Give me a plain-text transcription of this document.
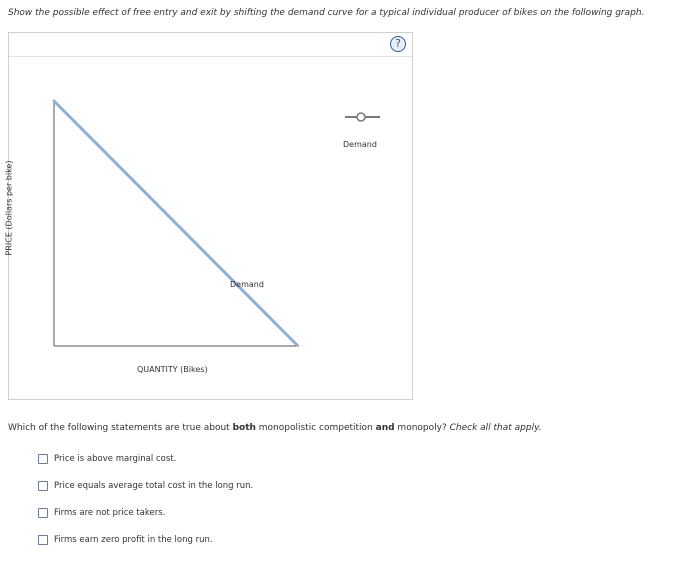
Show the possible effect of free entry and exit by shifting the demand curve for a typical individual producer of bikes on the following graph.
?
PRICE (Dollars per bike)
QUANTITY (Bikes)
Demand
Demand
Which of the following statements are true about both monopolistic competition and monopoly? Check all that apply.
Price is above marginal cost.
Price equals average total cost in the long run.
Firms are not price takers.
Firms earn zero profit in the long run.
